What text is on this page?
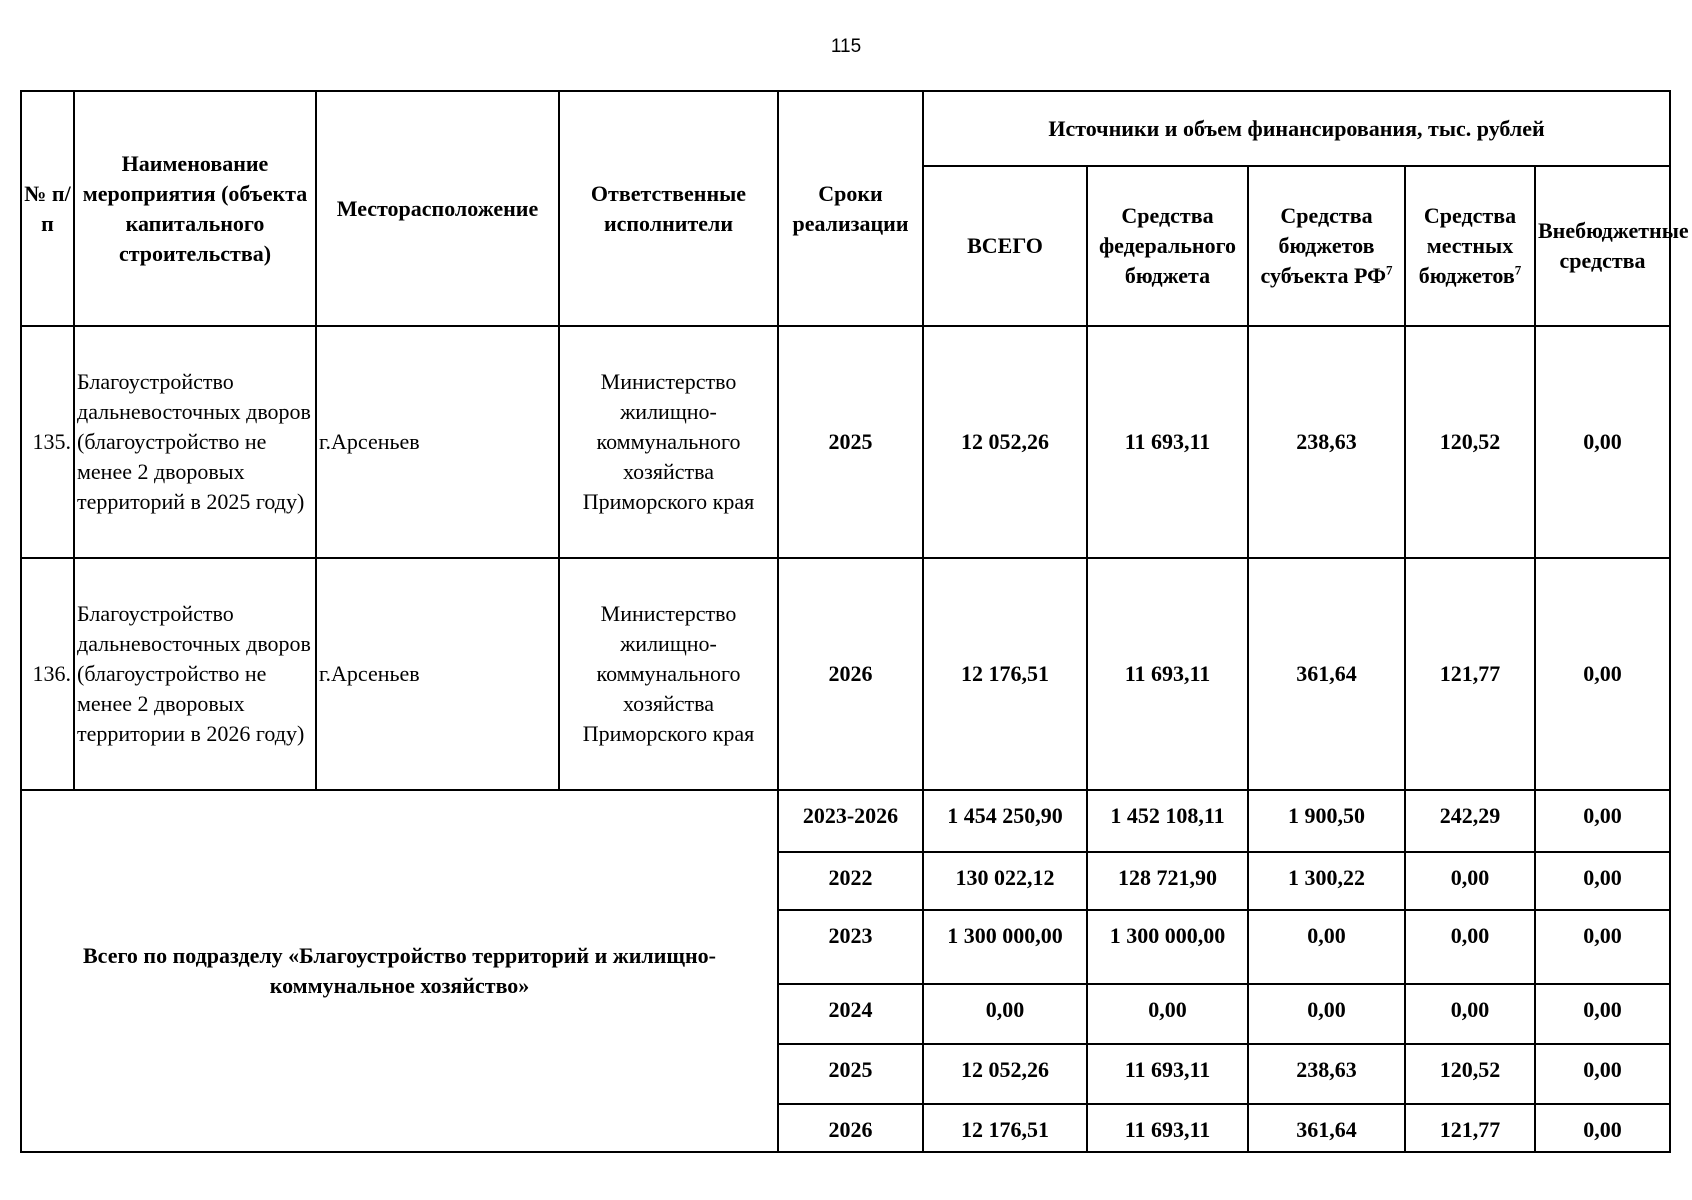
115
№ п/п	Наименование мероприятия (объекта капитального строительства)	Месторасположение	Ответственные исполнители	Сроки реализации	Источники и объем финансирования, тыс. рублей				
					ВСЕГО	Средства федерального бюджета	Средства бюджетов субъекта $РФ^7$	Средства местных бюджетов$^7$	Внебюджетные средства
135.	Благоустройство дальневосточных дворов (благоустройство не менее 2 дворовых территорий в 2025 году)	г.Арсеньев	Министерство жилищно-коммунального хозяйства Приморского края	2025	12 052,26	11 693,11	238,63	120,52	0,00
136.	Благоустройство дальневосточных дворов (благоустройство не менее 2 дворовых территории в 2026 году)	г.Арсеньев	Министерство жилищно-коммунального хозяйства Приморского края	2026	12 176,51	11 693,11	361,64	121,77	0,00
Всего по подразделу «Благоустройство территорий и жилищно-коммунальное хозяйство»				2023-2026	1 454 250,90	1 452 108,11	1 900,50	242,29	0,00
				2022	130 022,12	128 721,90	1 300,22	0,00	0,00
				2023	1 300 000,00	1 300 000,00	0,00	0,00	0,00
				2024	0,00	0,00	0,00	0,00	0,00
				2025	12 052,26	11 693,11	238,63	120,52	0,00
				2026	12 176,51	11 693,11	361,64	121,77	0,00
